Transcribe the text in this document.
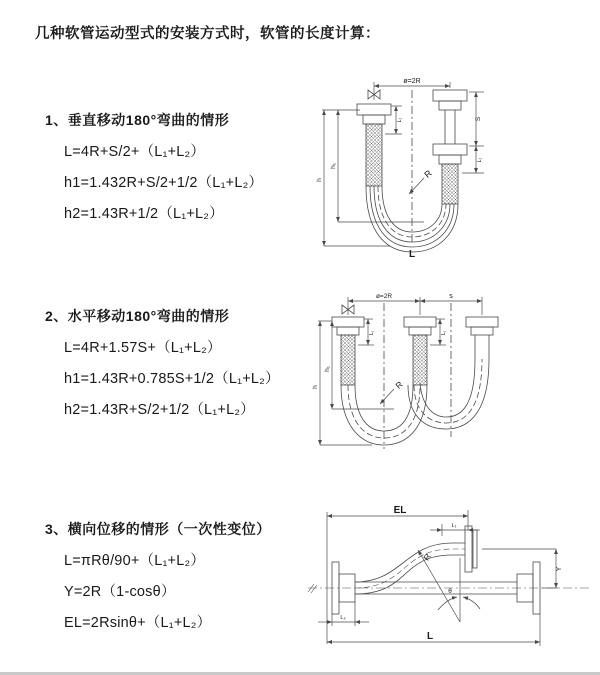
几种软管运动型式的安装方式时，软管的长度计算：
1、垂直移动180°弯曲的情形
L=4R+S/2+（L₁+L₂）
h1=1.432R+S/2+1/2（L₁+L₂）
h2=1.43R+1/2（L₁+L₂）
2、水平移动180°弯曲的情形
L=4R+1.57S+（L₁+L₂）
h1=1.43R+0.785S+1/2（L₁+L₂）
h2=1.43R+S/2+1/2（L₁+L₂）
3、横向位移的情形（一次性变位）
L=πRθ/90+（L₁+L₂）
Y=2R（1-cosθ）
EL=2Rsinθ+（L₁+L₂）
ø=2R
S
L₁
L₁
h
h₁
R
L
ø=2R	s
L₁	L₁
h
h₁
R
EL
L₁
Y
L
L₂
R
θ
